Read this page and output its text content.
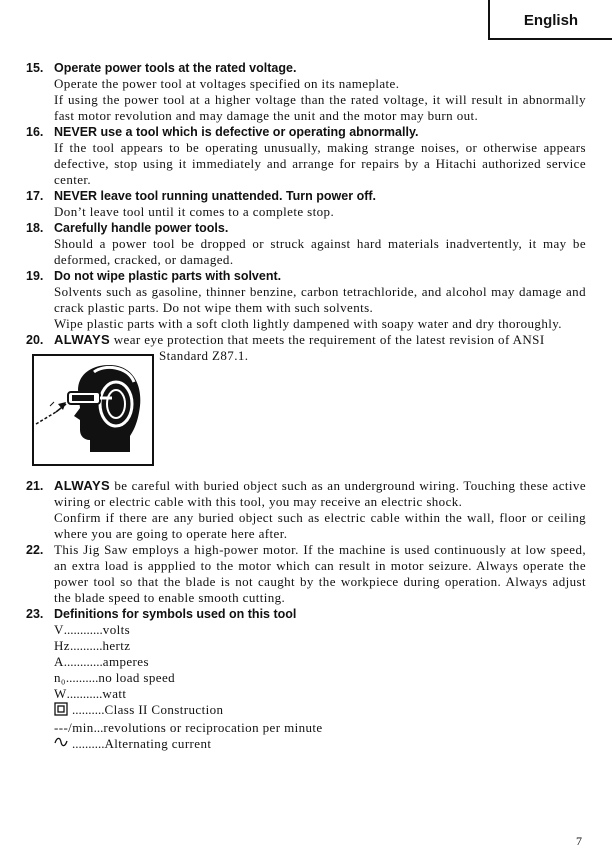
English
15. Operate power tools at the rated voltage.
Operate the power tool at voltages specified on its nameplate.
If using the power tool at a higher voltage than the rated voltage, it will result in abnormally fast motor revolution and may damage the unit and the motor may burn out.
16. NEVER use a tool which is defective or operating abnormally.
If the tool appears to be operating unusually, making strange noises, or otherwise appears defective, stop using it immediately and arrange for repairs by a Hitachi authorized service center.
17. NEVER leave tool running unattended. Turn power off.
Don’t leave tool until it comes to a complete stop.
18. Carefully handle power tools.
Should a power tool be dropped or struck against hard materials inadvertently, it may be deformed, cracked, or damaged.
19. Do not wipe plastic parts with solvent.
Solvents such as gasoline, thinner benzine, carbon tetrachloride, and alcohol may damage and crack plastic parts. Do not wipe them with such solvents.
Wipe plastic parts with a soft cloth lightly dampened with soapy water and dry thoroughly.
20. ALWAYS wear eye protection that meets the requirement of the latest revision of ANSI
Standard Z87.1.
21. ALWAYS be careful with buried object such as an underground wiring. Touching these active wiring or electric cable with this tool, you may receive an electric shock.
Confirm if there are any buried object such as electric cable within the wall, floor or ceiling where you are going to operate here after.
22. This Jig Saw employs a high-power motor. If the machine is used continuously at low speed, an extra load is appplied to the motor which can result in motor seizure. Always operate the power tool so that the blade is not caught by the workpiece during operation. Always adjust the blade speed to enable smooth cutting.
23. Definitions for symbols used on this tool
V ............ volts
Hz .......... hertz
A ............ amperes
n₀ .......... no load speed
W ........... watt
.......... Class II Construction
---/min ... revolutions or reciprocation per minute
.......... Alternating current
7
